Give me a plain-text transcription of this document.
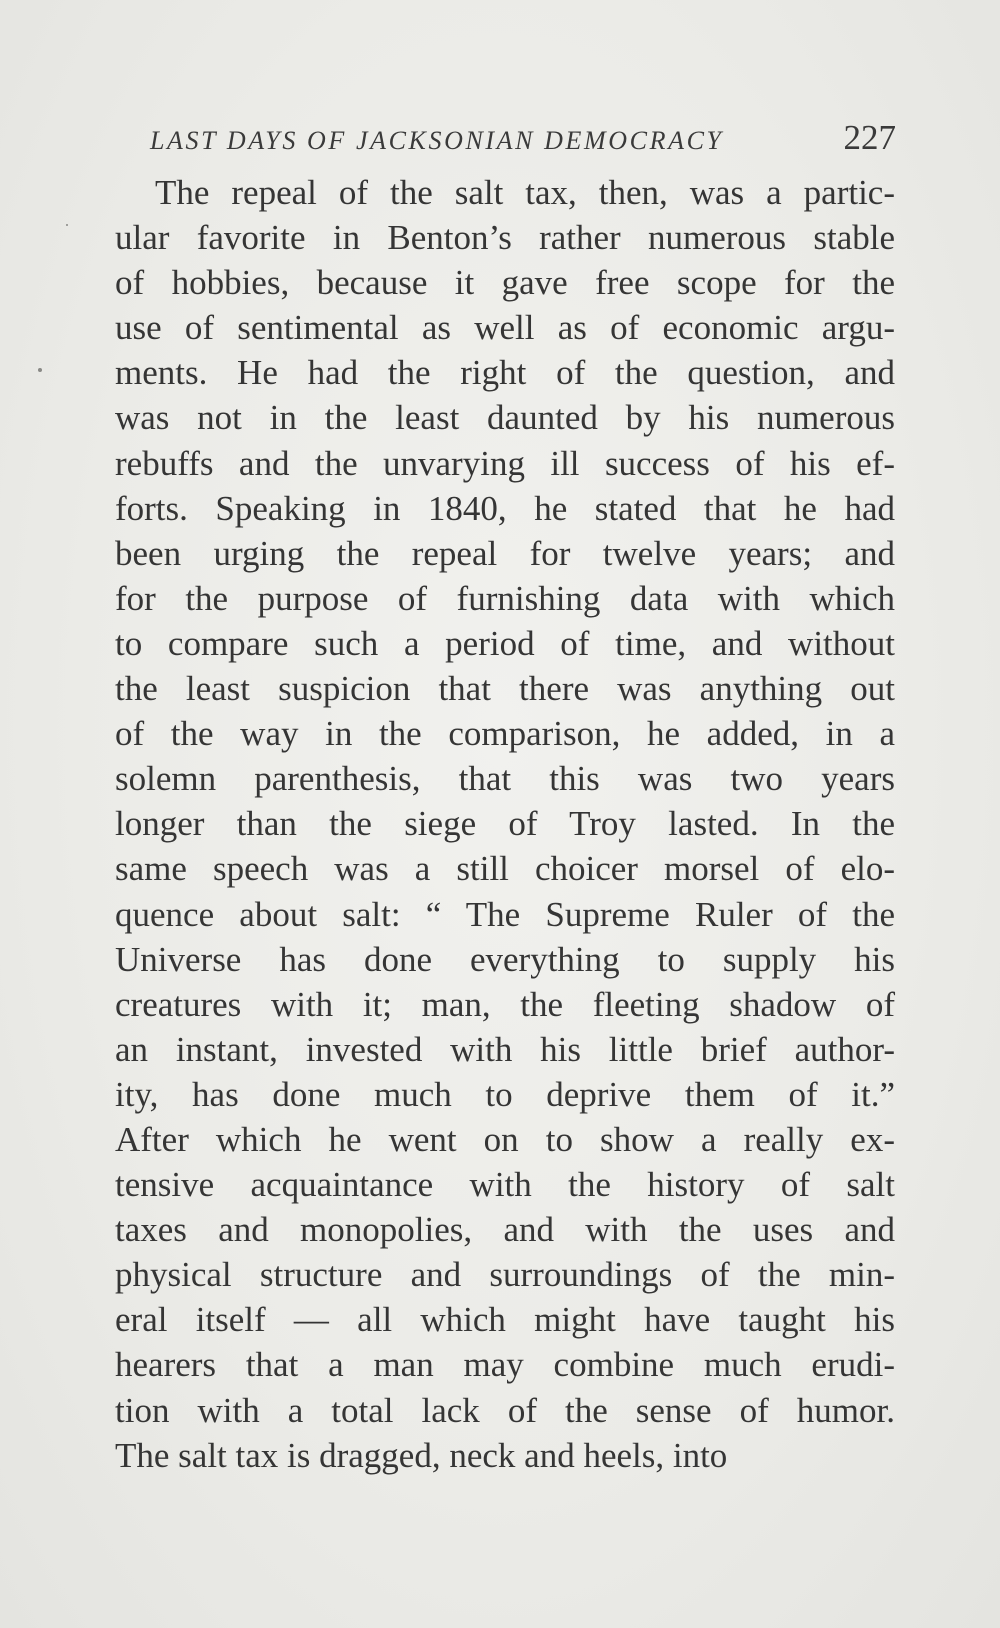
LAST DAYS OF JACKSONIAN DEMOCRACY	227
The repeal of the salt tax, then, was a partic-
ular favorite in Benton’s rather numerous stable
of hobbies, because it gave free scope for the
use of sentimental as well as of economic argu-
ments. He had the right of the question, and
was not in the least daunted by his numerous
rebuffs and the unvarying ill success of his ef-
forts. Speaking in 1840, he stated that he had
been urging the repeal for twelve years; and
for the purpose of furnishing data with which
to compare such a period of time, and without
the least suspicion that there was anything out
of the way in the comparison, he added, in a
solemn parenthesis, that this was two years
longer than the siege of Troy lasted. In the
same speech was a still choicer morsel of elo-
quence about salt: “ The Supreme Ruler of the
Universe has done everything to supply his
creatures with it; man, the fleeting shadow of
an instant, invested with his little brief author-
ity, has done much to deprive them of it.”
After which he went on to show a really ex-
tensive acquaintance with the history of salt
taxes and monopolies, and with the uses and
physical structure and surroundings of the min-
eral itself — all which might have taught his
hearers that a man may combine much erudi-
tion with a total lack of the sense of humor.
The salt tax is dragged, neck and heels, into
